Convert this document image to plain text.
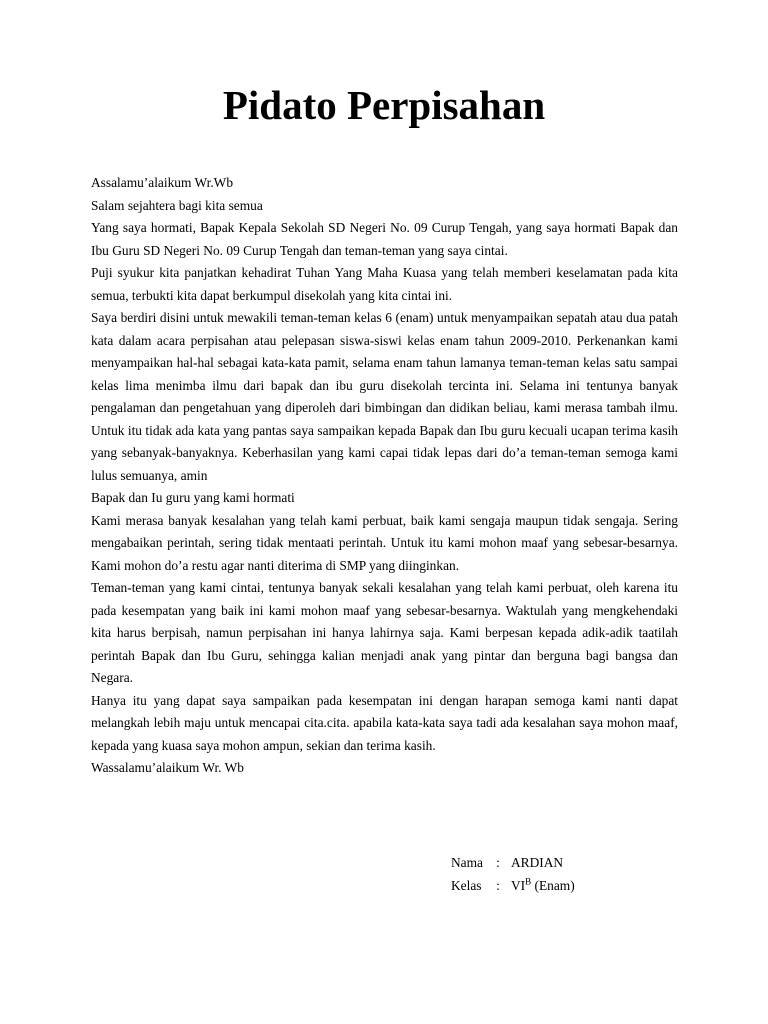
Pidato Perpisahan

Assalamu’alaikum Wr.Wb

Salam sejahtera bagi kita semua

Yang saya hormati, Bapak Kepala Sekolah SD Negeri No. 09 Curup Tengah, yang saya hormati Bapak dan Ibu Guru SD Negeri No. 09 Curup Tengah dan teman-teman yang saya cintai.

Puji syukur kita panjatkan kehadirat Tuhan Yang Maha Kuasa yang telah memberi keselamatan pada kita semua, terbukti kita dapat berkumpul disekolah yang kita cintai ini.

Saya berdiri disini untuk mewakili teman-teman kelas 6 (enam) untuk menyampaikan sepatah atau dua patah kata dalam acara perpisahan atau pelepasan siswa-siswi kelas enam tahun 2009-2010. Perkenankan kami menyampaikan hal-hal sebagai kata-kata pamit, selama enam tahun lamanya teman-teman kelas satu sampai kelas lima menimba ilmu dari bapak dan ibu guru disekolah tercinta ini. Selama ini tentunya banyak pengalaman dan pengetahuan yang diperoleh dari bimbingan dan didikan beliau, kami merasa tambah ilmu. Untuk itu tidak ada kata yang pantas saya sampaikan kepada Bapak dan Ibu guru kecuali ucapan terima kasih yang sebanyak-banyaknya. Keberhasilan yang kami capai tidak lepas dari do’a teman-teman semoga kami lulus semuanya, amin

Bapak dan Iu guru yang kami hormati

Kami merasa banyak kesalahan yang telah kami perbuat, baik kami sengaja maupun tidak sengaja. Sering mengabaikan perintah, sering tidak mentaati perintah. Untuk itu kami mohon maaf yang sebesar-besarnya. Kami mohon do’a restu agar nanti diterima di SMP yang diinginkan.

Teman-teman yang kami cintai, tentunya banyak sekali kesalahan yang telah kami perbuat, oleh karena itu pada kesempatan yang baik ini kami mohon maaf yang sebesar-besarnya. Waktulah yang mengkehendaki kita harus berpisah, namun perpisahan ini hanya lahirnya saja. Kami berpesan kepada adik-adik taatilah perintah Bapak dan Ibu Guru, sehingga kalian menjadi anak yang pintar dan berguna bagi bangsa dan Negara.

Hanya itu yang dapat saya sampaikan pada kesempatan ini dengan harapan semoga kami nanti dapat melangkah lebih maju untuk mencapai cita.cita. apabila kata-kata saya tadi ada kesalahan saya mohon maaf, kepada yang kuasa saya mohon ampun, sekian dan terima kasih.

Wassalamu’alaikum Wr. Wb

Nama : ARDIAN
Kelas	: $VI^B$ (Enam)
